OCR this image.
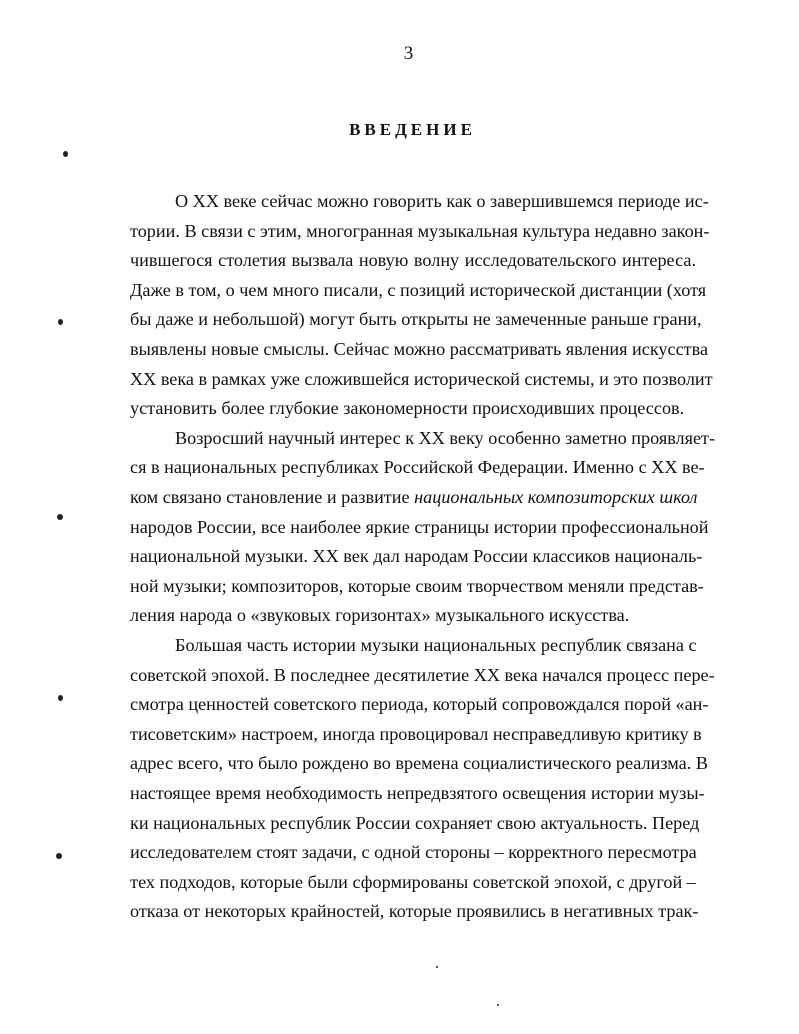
3
ВВЕДЕНИЕ
О XX веке сейчас можно говорить как о завершившемся периоде ис-
тории. В связи с этим, многогранная музыкальная культура недавно закон-
чившегося столетия вызвала новую волну исследовательского интереса.
Даже в том, о чем много писали, с позиций исторической дистанции (хотя
бы даже и небольшой) могут быть открыты не замеченные раньше грани,
выявлены новые смыслы. Сейчас можно рассматривать явления искусства
XX века в рамках уже сложившейся исторической системы, и это позволит
установить более глубокие закономерности происходивших процессов.
Возросший научный интерес к XX веку особенно заметно проявляет-
ся в национальных республиках Российской Федерации. Именно с XX ве-
ком связано становление и развитие национальных композиторских школ
народов России, все наиболее яркие страницы истории профессиональной
национальной музыки. XX век дал народам России классиков националь-
ной музыки; композиторов, которые своим творчеством меняли представ-
ления народа о «звуковых горизонтах» музыкального искусства.
Большая часть истории музыки национальных республик связана с
советской эпохой. В последнее десятилетие XX века начался процесс пере-
смотра ценностей советского периода, который сопровождался порой «ан-
тисоветским» настроем, иногда провоцировал несправедливую критику в
адрес всего, что было рождено во времена социалистического реализма. В
настоящее время необходимость непредвзятого освещения истории музы-
ки национальных республик России сохраняет свою актуальность. Перед
исследователем стоят задачи, с одной стороны – корректного пересмотра
тех подходов, которые были сформированы советской эпохой, с другой –
отказа от некоторых крайностей, которые проявились в негативных трак-
